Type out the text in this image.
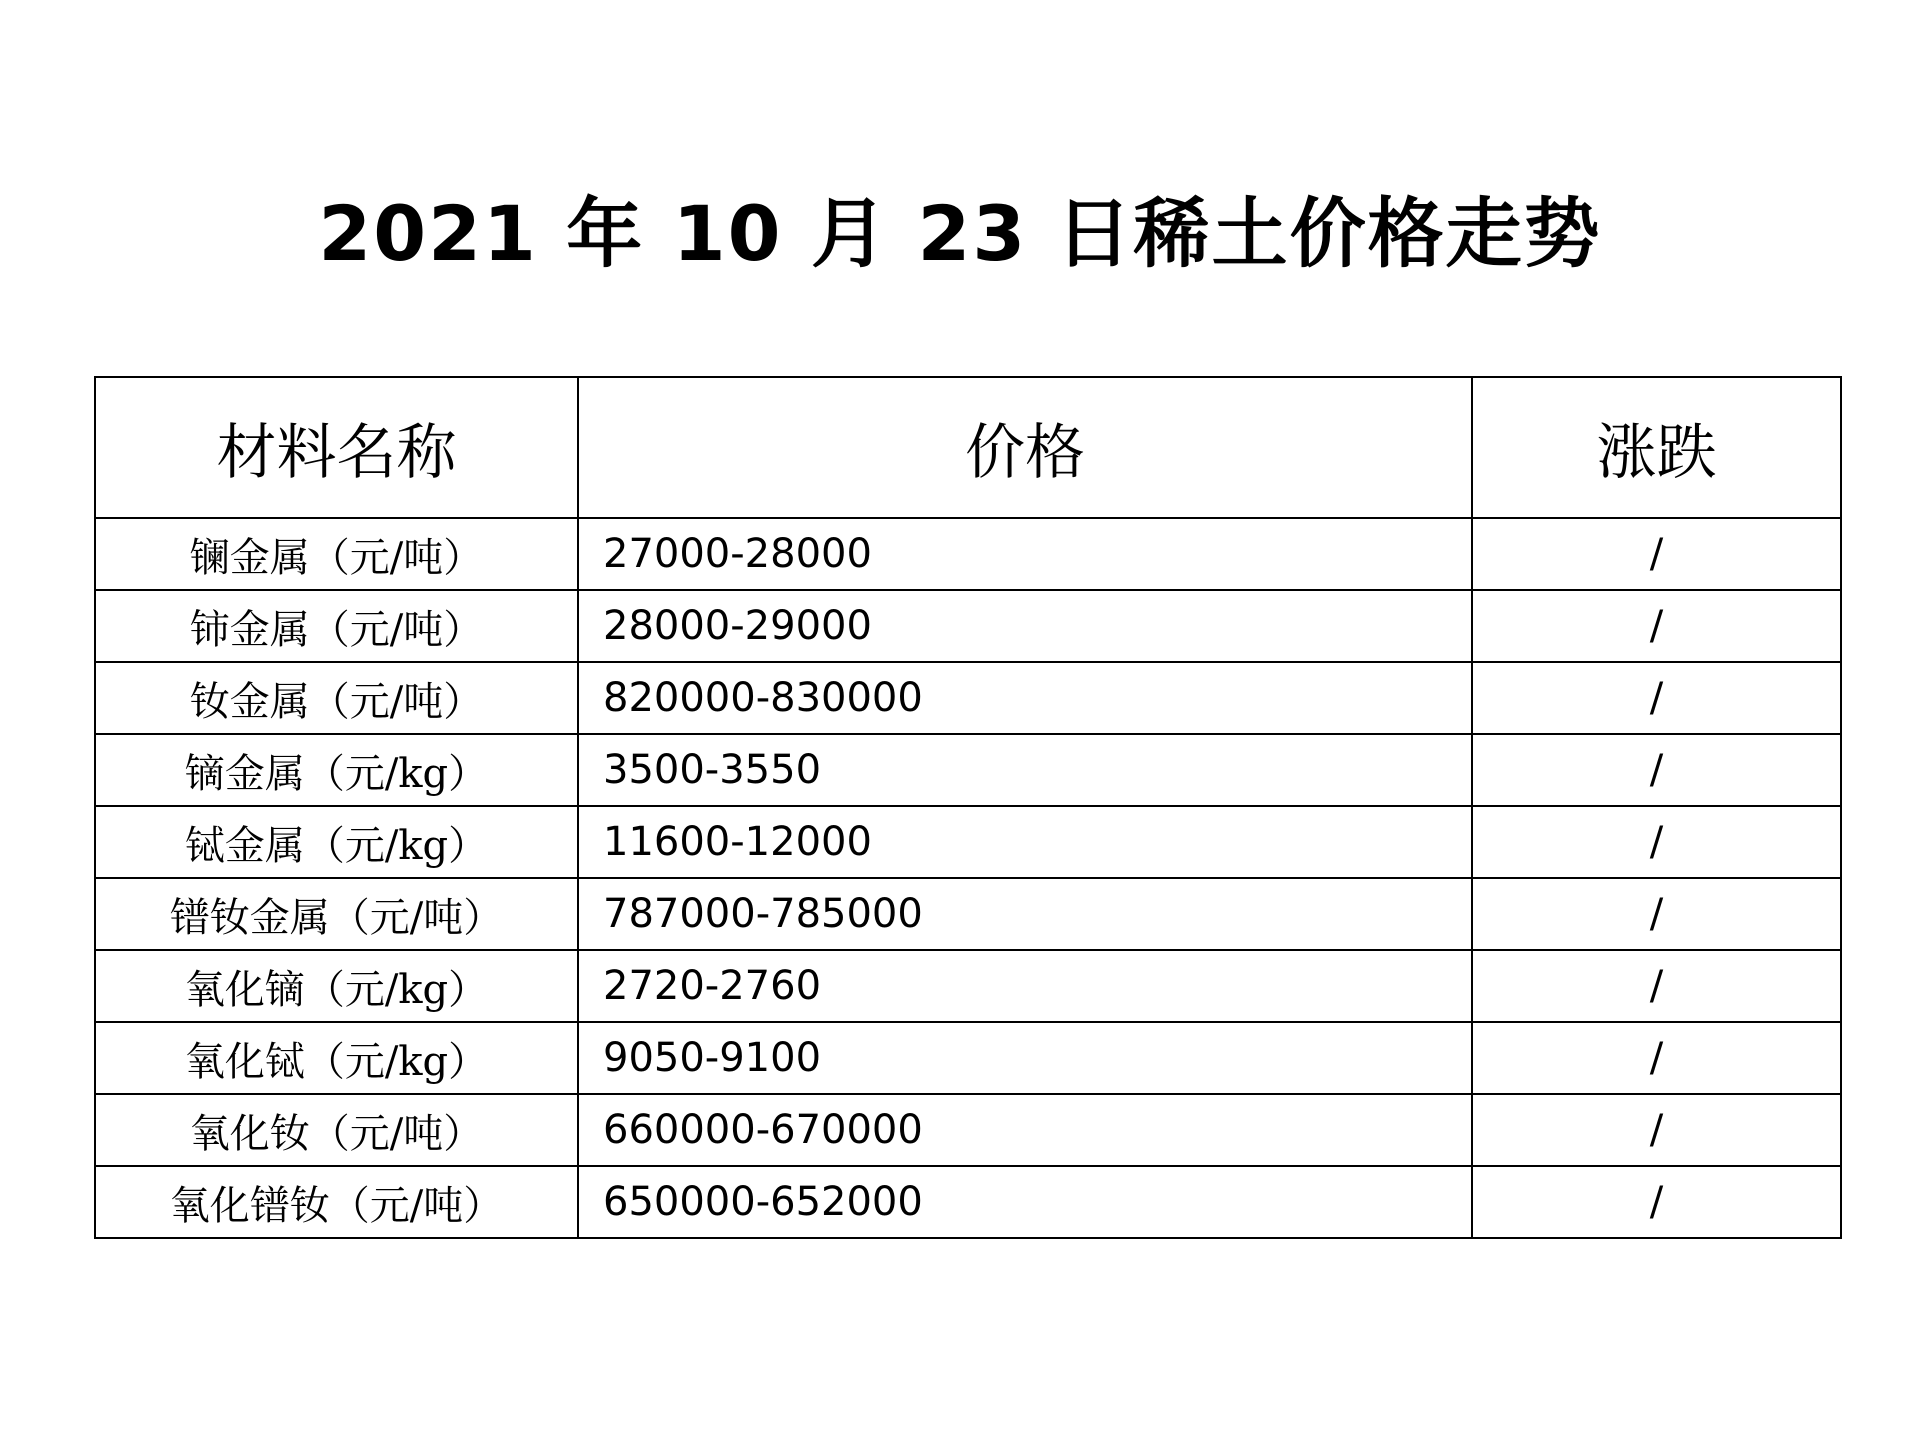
2021 年 10 月 23 日稀土价格走势
材料名称	价格	涨跌
镧金属（元/吨）	27000-28000	/
铈金属（元/吨）	28000-29000	/
钕金属（元/吨）	820000-830000	/
镝金属（元/kg）	3500-3550	/
铽金属（元/kg）	11600-12000	/
镨钕金属（元/吨）	787000-785000	/
氧化镝（元/kg）	2720-2760	/
氧化铽（元/kg）	9050-9100	/
氧化钕（元/吨）	660000-670000	/
氧化镨钕（元/吨）	650000-652000	/
